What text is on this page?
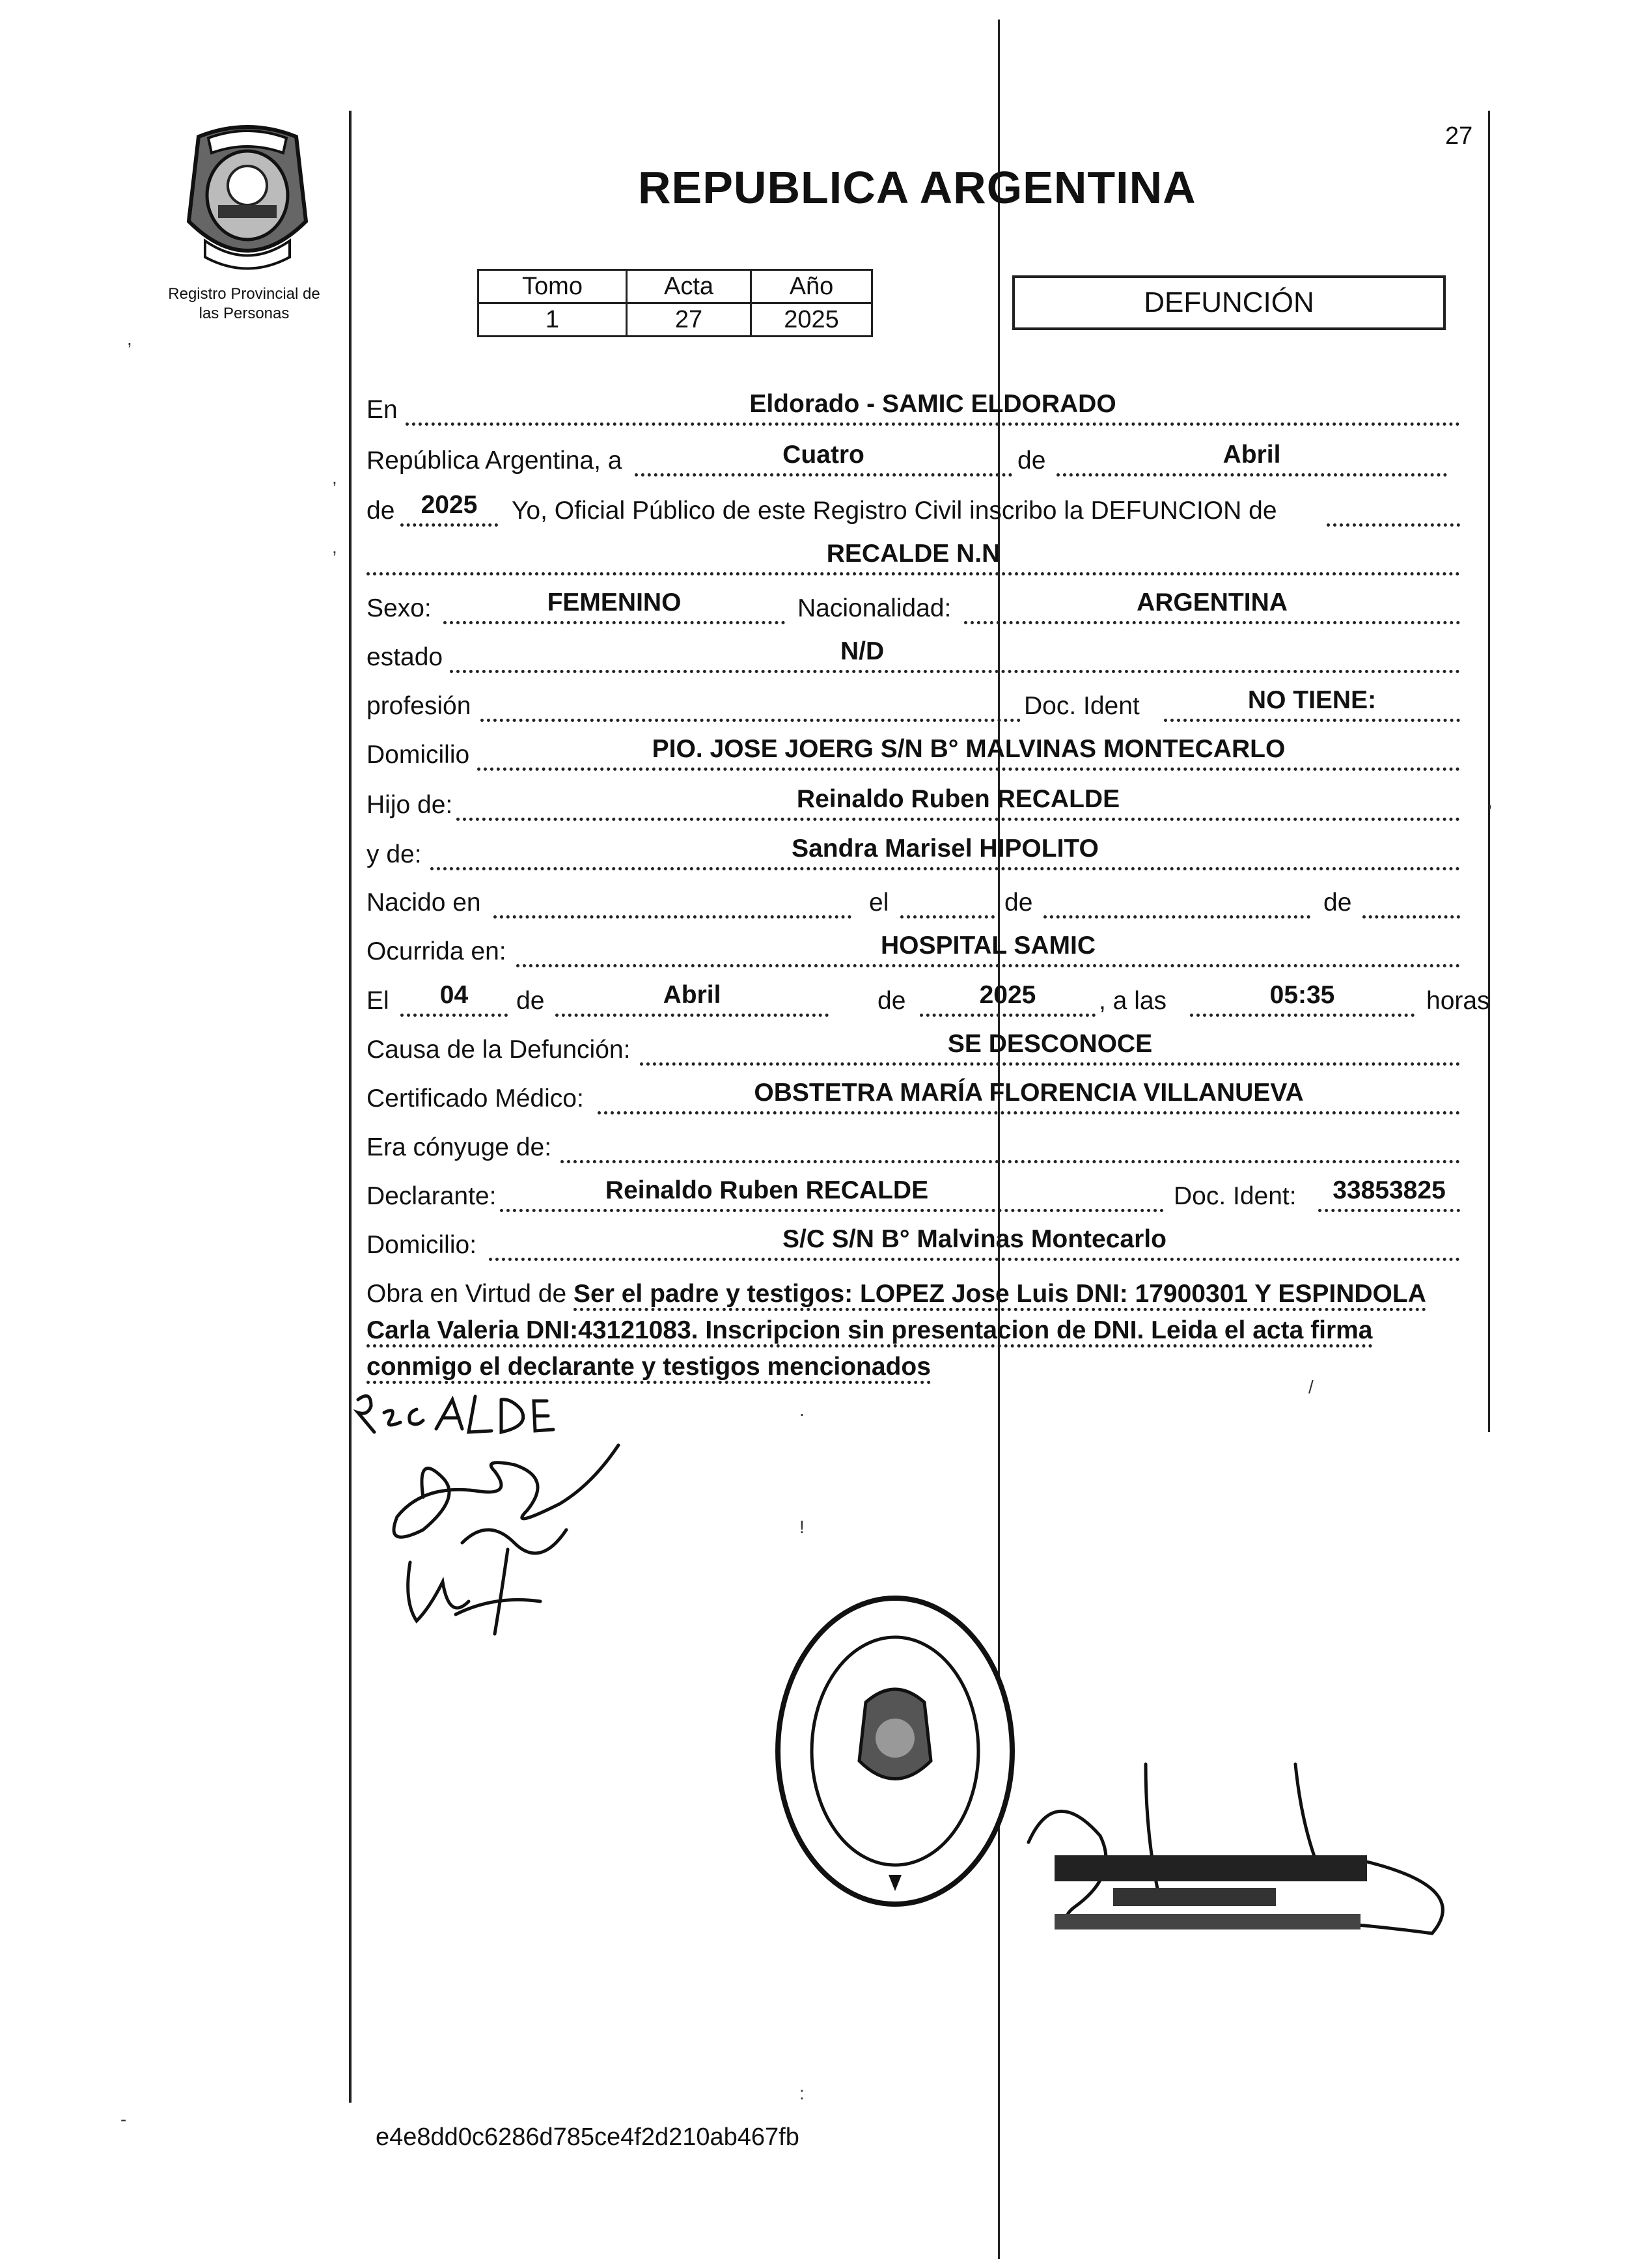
27
Registro Provincial de
las Personas
REPUBLICA ARGENTINA
Tomo	Acta	Año
1	27	2025
DEFUNCIÓN
En	Eldorado - SAMIC ELDORADO
República Argentina, a	Cuatro	de	Abril
de	2025	Yo, Oficial Público de este Registro Civil inscribo la DEFUNCION de
RECALDE N.N
Sexo:	FEMENINO	Nacionalidad:	ARGENTINA
estado	N/D
profesión	Doc. Ident	NO TIENE:
Domicilio	PIO. JOSE JOERG S/N B° MALVINAS MONTECARLO
Hijo de:	Reinaldo Ruben RECALDE
y de:	Sandra Marisel HIPOLITO
Nacido en	el	de	de
Ocurrida en:	HOSPITAL SAMIC
El	04	de	Abril	de	2025	, a las	05:35	horas
Causa de la Defunción:	SE DESCONOCE
Certificado Médico:	OBSTETRA MARÍA FLORENCIA VILLANUEVA
Era cónyuge de:
Declarante:	Reinaldo Ruben RECALDE	Doc. Ident:	33853825
Domicilio:	S/C S/N B° Malvinas Montecarlo
Obra en Virtud de Ser el padre y testigos: LOPEZ Jose Luis DNI: 17900301 Y ESPINDOLA Carla Valeria DNI:43121083. Inscripcion sin presentacion de DNI. Leida el acta firma conmigo el declarante y testigos mencionados
e4e8dd0c6286d785ce4f2d210ab467fb
,
,
,
,
/
.
!
:
-
